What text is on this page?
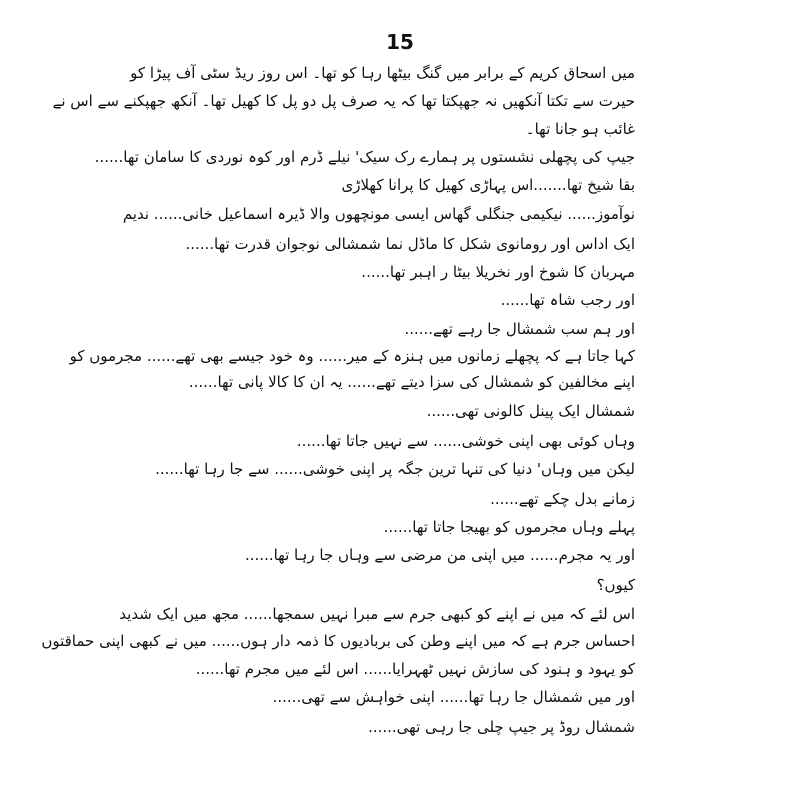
15
میں اسحاق کریم کے برابر میں گنگ بیٹھا رہا کو تھا۔ اس روز ریڈ سٹی آف پیڑا کو
حیرت سے تکتا آنکھیں نہ جھپکتا تھا کہ یہ صرف پل دو پل کا کھیل تھا۔ آنکھ جھپکنے سے اس نے
غائب ہو جانا تھا۔
جیپ کی پچھلی نشستوں پر ہمارے رک سیک' نیلے ڈرم اور کوہ نوردی کا سامان تھا......
بقا شیخ تھا.......اس پہاڑی کھیل کا پرانا کھلاڑی
نوآموز...... نیکیمی جنگلی گھاس ایسی مونچھوں والا ڈیرہ اسماعیل خانی...... ندیم
ایک اداس اور رومانوی شکل کا ماڈل نما شمشالی نوجوان قدرت تھا......
مہربان کا شوخ اور نخریلا بیٹا ر اہبر تھا......
اور رجب شاہ تھا......
اور ہم سب شمشال جا رہے تھے......
کہا جاتا ہے کہ پچھلے زمانوں میں ہنزہ کے میر...... وہ خود جیسے بھی تھے...... مجرموں کو
اپنے مخالفین کو شمشال کی سزا دیتے تھے...... یہ ان کا کالا پانی تھا......
شمشال ایک پینل کالونی تھی......
وہاں کوئی بھی اپنی خوشی...... سے نہیں جاتا تھا......
لیکن میں وہاں' دنیا کی تنہا ترین جگہ پر اپنی خوشی...... سے جا رہا تھا......
زمانے بدل چکے تھے......
پہلے وہاں مجرموں کو بھیجا جاتا تھا......
اور یہ مجرم...... میں اپنی من مرضی سے وہاں جا رہا تھا......
کیوں؟
اس لئے کہ میں نے اپنے کو کبھی جرم سے مبرا نہیں سمجھا...... مجھ میں ایک شدید
احساس جرم ہے کہ میں اپنے وطن کی بربادیوں کا ذمہ دار ہوں...... میں نے کبھی اپنی حماقتوں
کو یہود و ہنود کی سازش نہیں ٹھہرایا...... اس لئے میں مجرم تھا......
اور میں شمشال جا رہا تھا...... اپنی خواہش سے تھی......
شمشال روڈ پر جیپ چلی جا رہی تھی......
